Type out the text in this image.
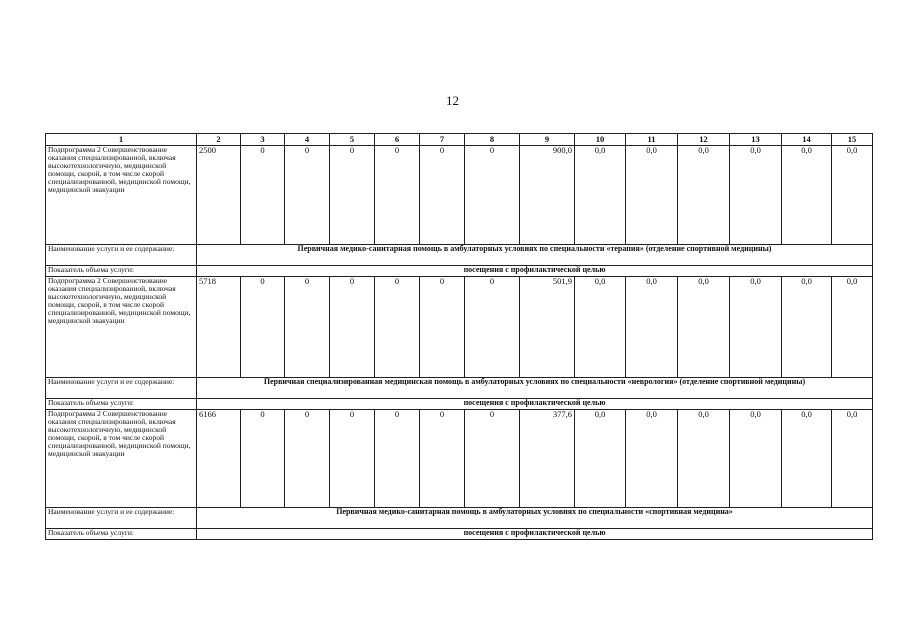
12
1	2	3	4	5	6	7	8	9	10	11	12	13	14	15
Подпрограмма 2 Совершенствование оказания специализированной, включая высокотехнологичную, медицинской помощи, скорой, в том числе скорой специализированной, медицинской помощи, медицинской эвакуации	2500	0	0	0	0	0	0	900,0	0,0	0,0	0,0	0,0	0,0	0,0
Наименование услуги и ее содержание:	Первичная медико-санитарная помощь в амбулаторных условиях по специальности «терапия» (отделение спортивной медицины)													
Показатель объема услуги:	посещения с профилактической целью													
Подпрограмма 2 Совершенствование оказания специализированной, включая высокотехнологичную, медицинской помощи, скорой, в том числе скорой специализированной, медицинской помощи, медицинской эвакуации	5718	0	0	0	0	0	0	501,9	0,0	0,0	0,0	0,0	0,0	0,0
Наименование услуги и ее содержание:	Первичная специализированная медицинская помощь в амбулаторных условиях по специальности «неврология» (отделение спортивной медицины)													
Показатель объема услуги:	посещения с профилактической целью													
Подпрограмма 2 Совершенствование оказания специализированной, включая высокотехнологичную, медицинской помощи, скорой, в том числе скорой специализированной, медицинской помощи, медицинской эвакуации	6166	0	0	0	0	0	0	377,6	0,0	0,0	0,0	0,0	0,0	0,0
Наименование услуги и ее содержание:	Первичная медико-санитарная помощь в амбулаторных условиях по специальности «спортивная медицина»													
Показатель объема услуги:	посещения с профилактической целью													
